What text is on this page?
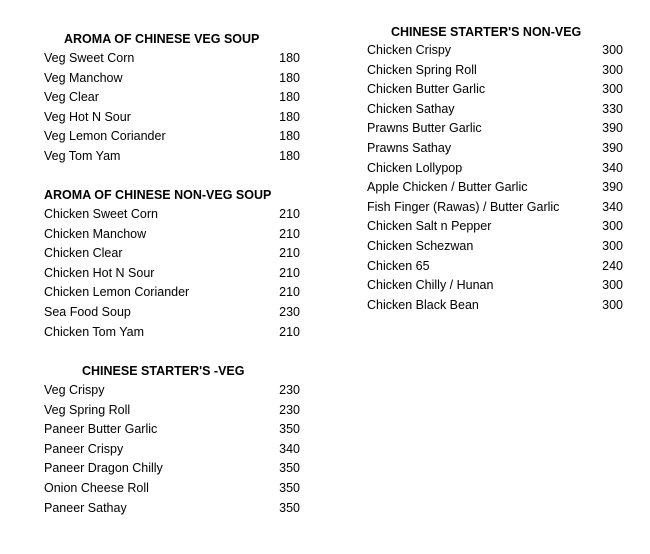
AROMA OF CHINESE VEG SOUP
Veg Sweet Corn	180
Veg Manchow	180
Veg Clear	180
Veg Hot N Sour	180
Veg Lemon Coriander	180
Veg Tom Yam	180
AROMA OF CHINESE NON-VEG SOUP
Chicken Sweet Corn	210
Chicken Manchow	210
Chicken Clear	210
Chicken Hot N Sour	210
Chicken Lemon Coriander	210
Sea Food Soup	230
Chicken Tom Yam	210
CHINESE STARTER'S -VEG
Veg Crispy	230
Veg Spring Roll	230
Paneer Butter Garlic	350
Paneer Crispy	340
Paneer Dragon Chilly	350
Onion Cheese Roll	350
Paneer Sathay	350
CHINESE STARTER'S NON-VEG
Chicken Crispy	300
Chicken Spring Roll	300
Chicken Butter Garlic	300
Chicken Sathay	330
Prawns Butter Garlic	390
Prawns Sathay	390
Chicken Lollypop	340
Apple Chicken / Butter Garlic	390
Fish Finger (Rawas) / Butter Garlic	340
Chicken Salt n Pepper	300
Chicken Schezwan	300
Chicken 65	240
Chicken Chilly / Hunan	300
Chicken Black Bean	300
